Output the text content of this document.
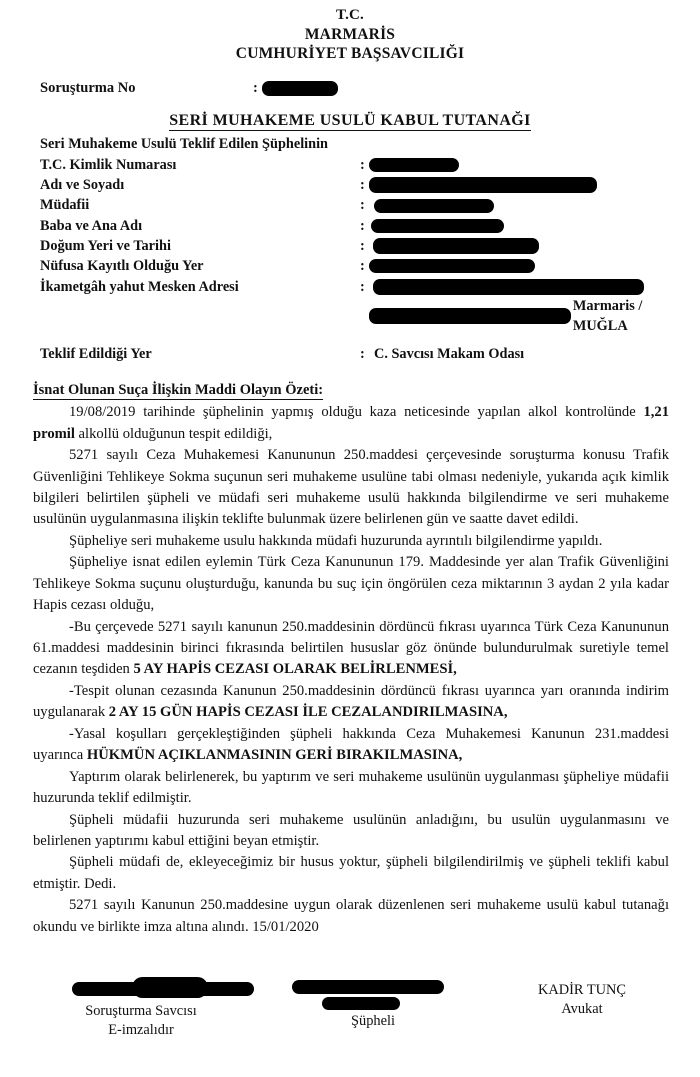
T.C.
MARMARİS
CUMHURİYET BAŞSAVCILIĞI
Soruşturma No	:
SERİ MUHAKEME USULÜ KABUL TUTANAĞI
Seri Muhakeme Usulü Teklif Edilen Şüphelinin
T.C. Kimlik Numarası	:
Adı ve Soyadı	:
Müdafii	:
Baba ve Ana Adı	:
Doğum Yeri ve Tarihi	:
Nüfusa Kayıtlı Olduğu Yer	:
İkametgâh yahut Mesken Adresi	:
Marmaris / MUĞLA
Teklif Edildiği Yer	: C. Savcısı Makam Odası
İsnat Olunan Suça İlişkin Maddi Olayın Özeti:

19/08/2019 tarihinde şüphelinin yapmış olduğu kaza neticesinde yapılan alkol kontrolünde 1,21 promil alkollü olduğunun tespit edildiği,

5271 sayılı Ceza Muhakemesi Kanununun 250.maddesi çerçevesinde soruşturma konusu Trafik Güvenliğini Tehlikeye Sokma suçunun seri muhakeme usulüne tabi olması nedeniyle, yukarıda açık kimlik bilgileri belirtilen şüpheli ve müdafi seri muhakeme usulü hakkında bilgilendirme ve seri muhakeme usulünün uygulanmasına ilişkin teklifte bulunmak üzere belirlenen gün ve saatte davet edildi.

Şüpheliye seri muhakeme usulu hakkında müdafi huzurunda ayrıntılı bilgilendirme yapıldı.

Şüpheliye isnat edilen eylemin Türk Ceza Kanununun 179. Maddesinde yer alan Trafik Güvenliğini Tehlikeye Sokma suçunu oluşturduğu, kanunda bu suç için öngörülen ceza miktarının 3 aydan 2 yıla kadar Hapis cezası olduğu,

-Bu çerçevede 5271 sayılı kanunun 250.maddesinin dördüncü fıkrası uyarınca Türk Ceza Kanununun 61.maddesi maddesinin birinci fıkrasında belirtilen hususlar göz önünde bulundurulmak suretiyle temel cezanın teşdiden 5 AY HAPİS CEZASI OLARAK BELİRLENMESİ,

-Tespit olunan cezasında Kanunun 250.maddesinin dördüncü fıkrası uyarınca yarı oranında indirim uygulanarak 2 AY 15 GÜN HAPİS CEZASI İLE CEZALANDIRILMASINA,

-Yasal koşulları gerçekleştiğinden şüpheli hakkında Ceza Muhakemesi Kanunun 231.maddesi uyarınca HÜKMÜN AÇIKLANMASININ GERİ BIRAKILMASINA,

Yaptırım olarak belirlenerek, bu yaptırım ve seri muhakeme usulünün uygulanması şüpheliye müdafii huzurunda teklif edilmiştir.

Şüpheli müdafii huzurunda seri muhakeme usulünün anladığını, bu usulün uygulanmasını ve belirlenen yaptırımı kabul ettiğini beyan etmiştir.

Şüpheli müdafi de, ekleyeceğimiz bir husus yoktur, şüpheli bilgilendirilmiş ve şüpheli teklifi kabul etmiştir. Dedi.

5271 sayılı Kanunun 250.maddesine uygun olarak düzenlenen seri muhakeme usulü kabul tutanağı okundu ve birlikte imza altına alındı. 15/01/2020

Soruşturma Savcısı
E-imzalıdır
Şüpheli
KADİR TUNÇ
Avukat
